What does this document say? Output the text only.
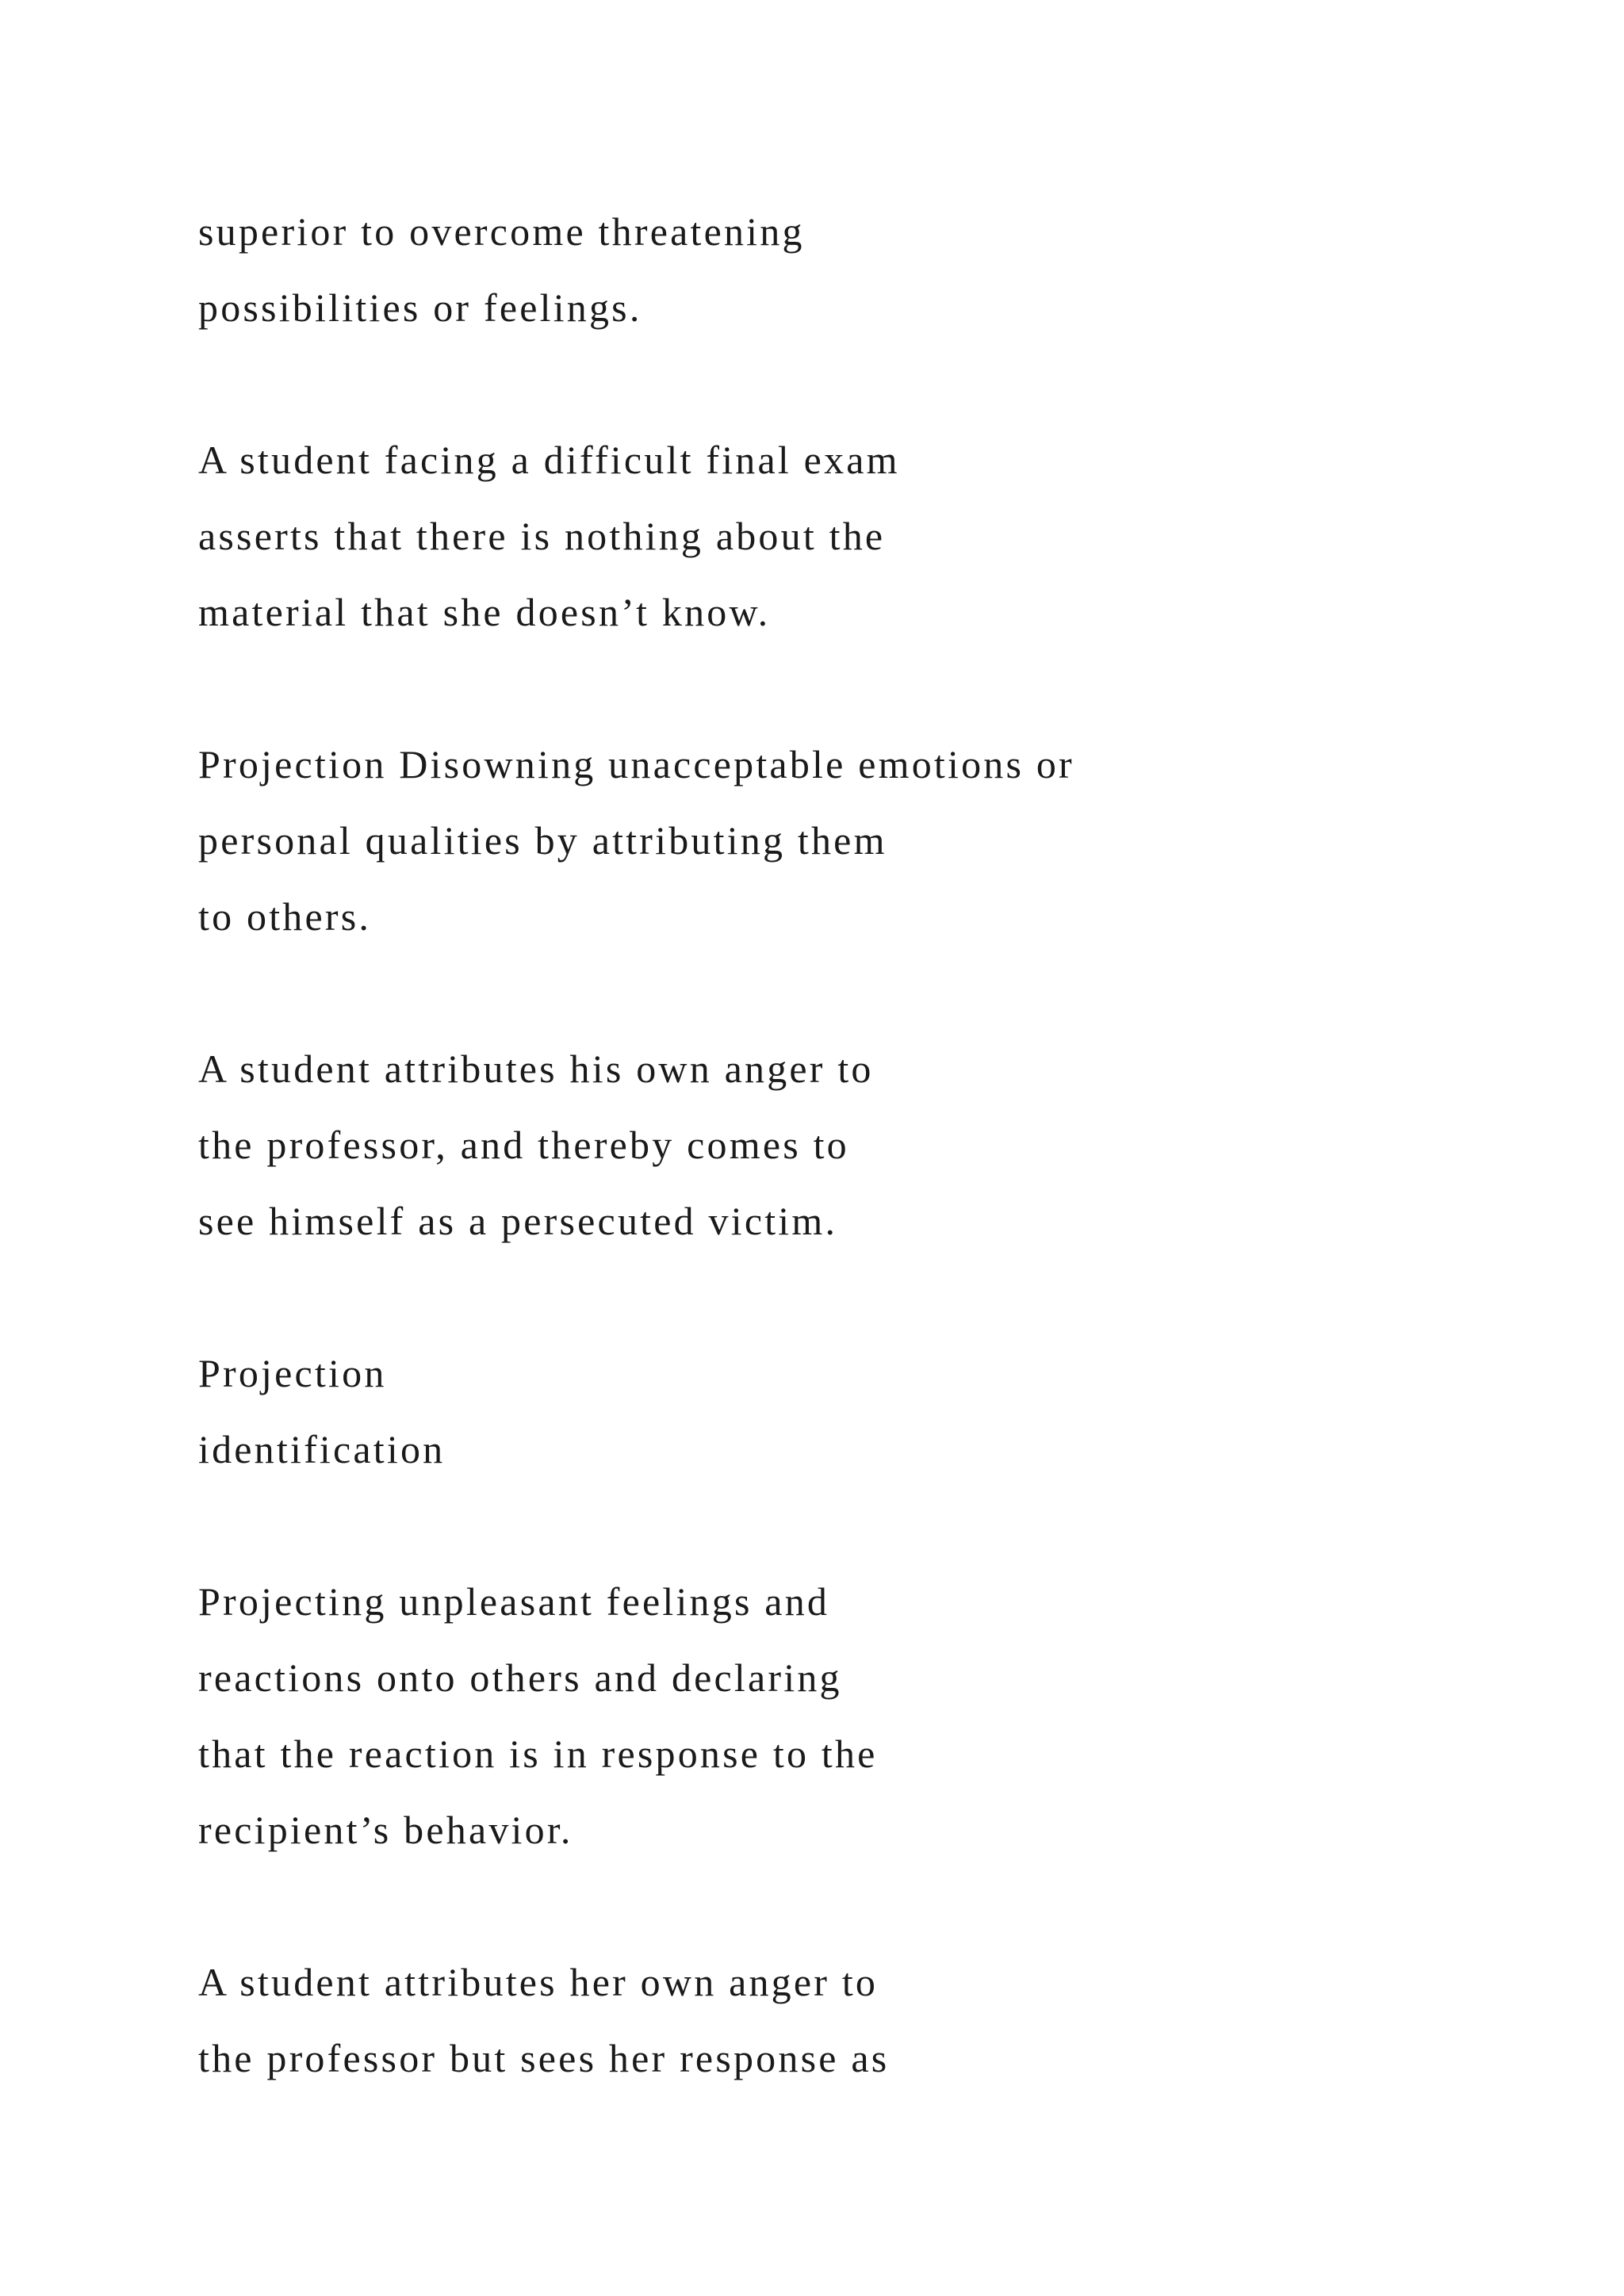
superior to overcome threatening
possibilities or feelings.

A student facing a difficult final exam
asserts that there is nothing about the
material that she doesn’t know.

Projection Disowning unacceptable emotions or
personal qualities by attributing them
to others.

A student attributes his own anger to
the professor, and thereby comes to
see himself as a persecuted victim.

Projection
identification

Projecting unpleasant feelings and
reactions onto others and declaring
that the reaction is in response to the
recipient’s behavior.

A student attributes her own anger to
the professor but sees her response as
